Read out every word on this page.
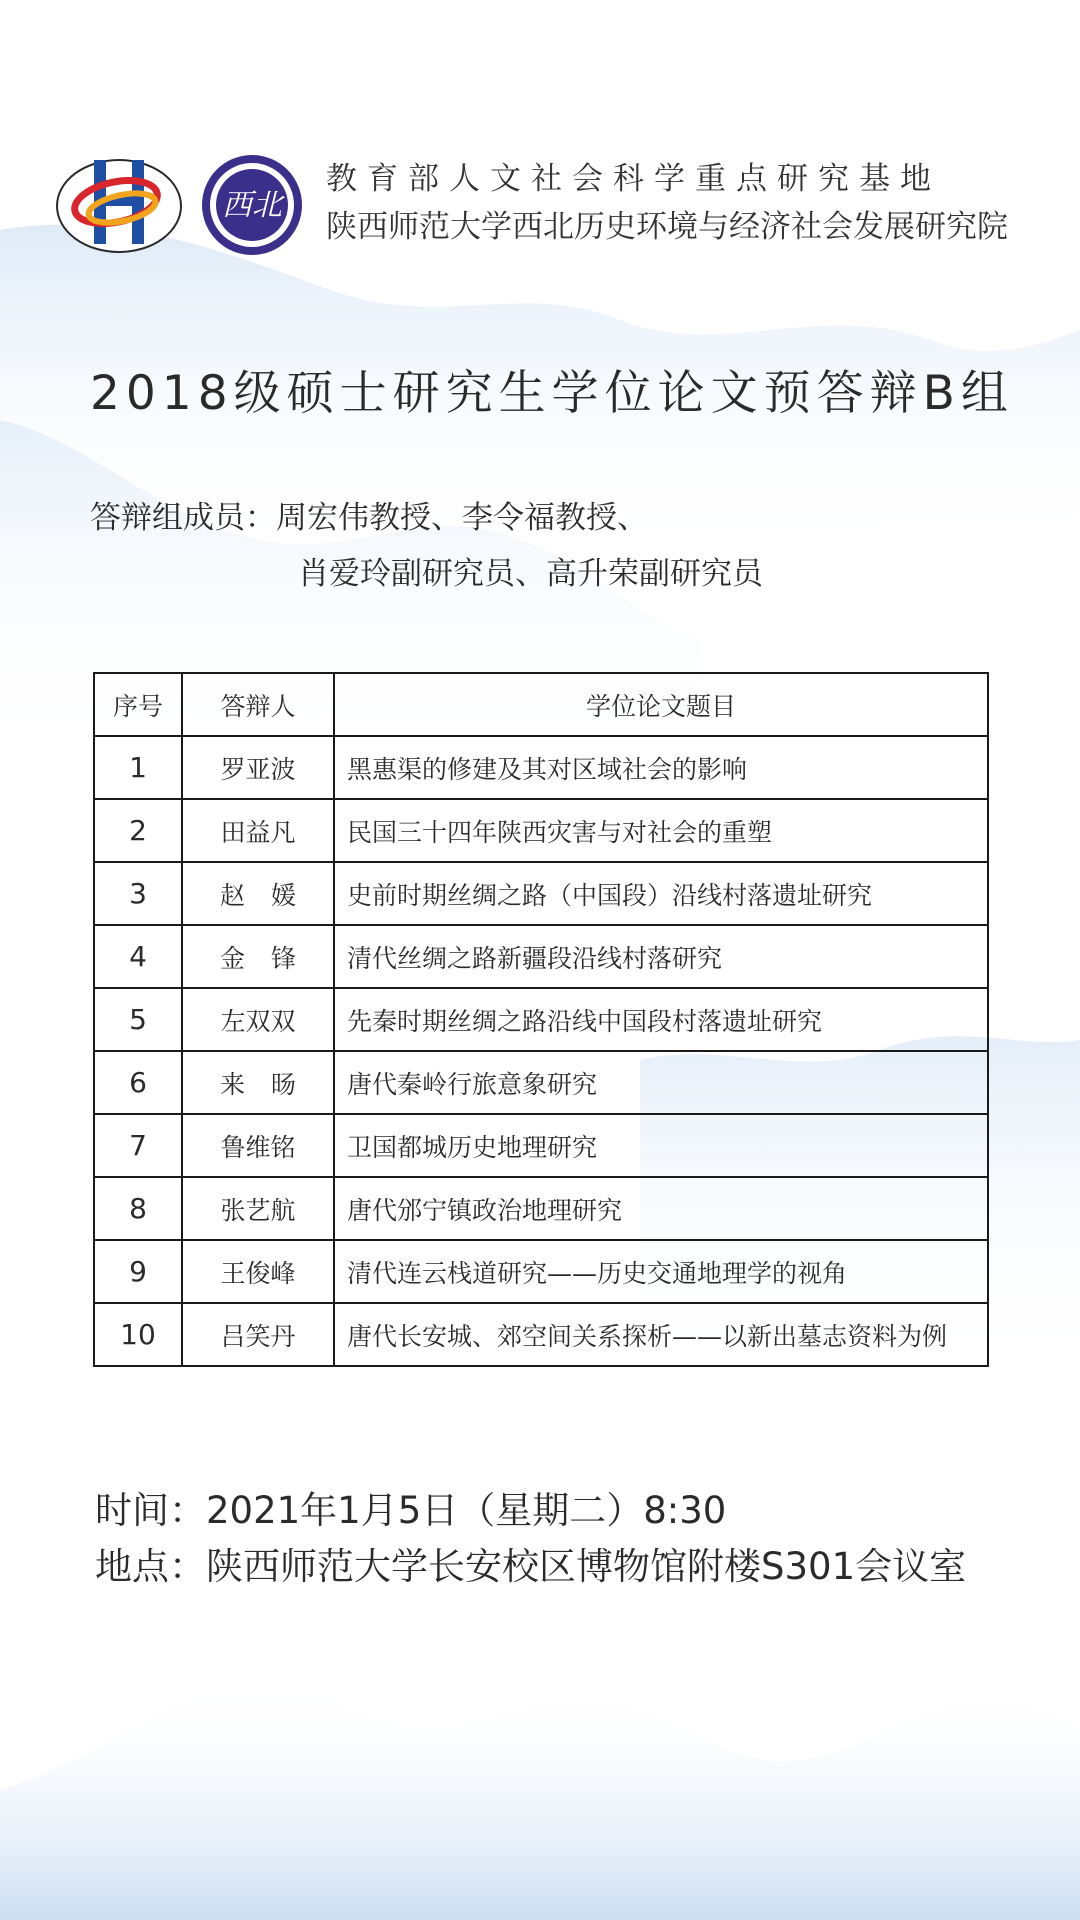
西北
教育部人文社会科学重点研究基地
陕西师范大学西北历史环境与经济社会发展研究院
2018级硕士研究生学位论文预答辩B组
答辩组成员：周宏伟教授、李令福教授、
肖爱玲副研究员、高升荣副研究员
序号	答辩人	学位论文题目
1	罗亚波	黑惠渠的修建及其对区域社会的影响
2	田益凡	民国三十四年陕西灾害与对社会的重塑
3	赵媛	史前时期丝绸之路（中国段）沿线村落遗址研究
4	金锋	清代丝绸之路新疆段沿线村落研究
5	左双双	先秦时期丝绸之路沿线中国段村落遗址研究
6	来旸	唐代秦岭行旅意象研究
7	鲁维铭	卫国都城历史地理研究
8	张艺航	唐代邠宁镇政治地理研究
9	王俊峰	清代连云栈道研究——历史交通地理学的视角
10	吕笑丹	唐代长安城、郊空间关系探析——以新出墓志资料为例
时间：2021年1月5日（星期二）8:30
地点：陕西师范大学长安校区博物馆附楼S301会议室
